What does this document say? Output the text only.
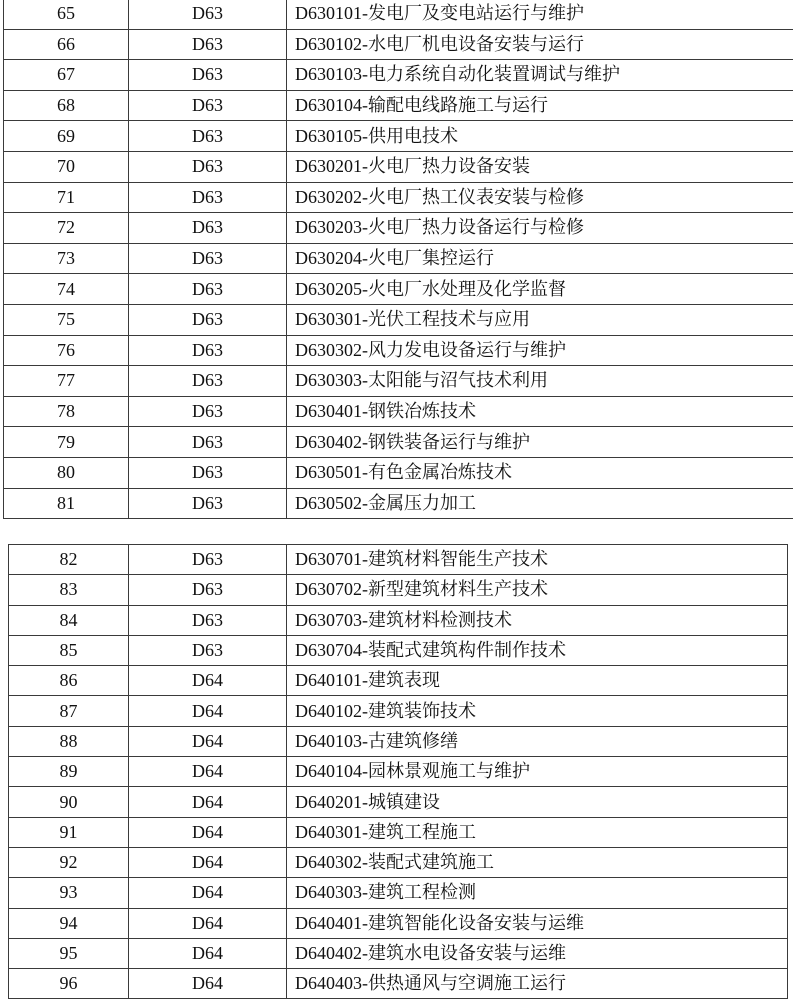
65	D63	D630101-发电厂及变电站运行与维护
66	D63	D630102-水电厂机电设备安装与运行
67	D63	D630103-电力系统自动化装置调试与维护
68	D63	D630104-输配电线路施工与运行
69	D63	D630105-供用电技术
70	D63	D630201-火电厂热力设备安装
71	D63	D630202-火电厂热工仪表安装与检修
72	D63	D630203-火电厂热力设备运行与检修
73	D63	D630204-火电厂集控运行
74	D63	D630205-火电厂水处理及化学监督
75	D63	D630301-光伏工程技术与应用
76	D63	D630302-风力发电设备运行与维护
77	D63	D630303-太阳能与沼气技术利用
78	D63	D630401-钢铁冶炼技术
79	D63	D630402-钢铁装备运行与维护
80	D63	D630501-有色金属冶炼技术
81	D63	D630502-金属压力加工
82	D63	D630701-建筑材料智能生产技术
83	D63	D630702-新型建筑材料生产技术
84	D63	D630703-建筑材料检测技术
85	D63	D630704-装配式建筑构件制作技术
86	D64	D640101-建筑表现
87	D64	D640102-建筑装饰技术
88	D64	D640103-古建筑修缮
89	D64	D640104-园林景观施工与维护
90	D64	D640201-城镇建设
91	D64	D640301-建筑工程施工
92	D64	D640302-装配式建筑施工
93	D64	D640303-建筑工程检测
94	D64	D640401-建筑智能化设备安装与运维
95	D64	D640402-建筑水电设备安装与运维
96	D64	D640403-供热通风与空调施工运行
